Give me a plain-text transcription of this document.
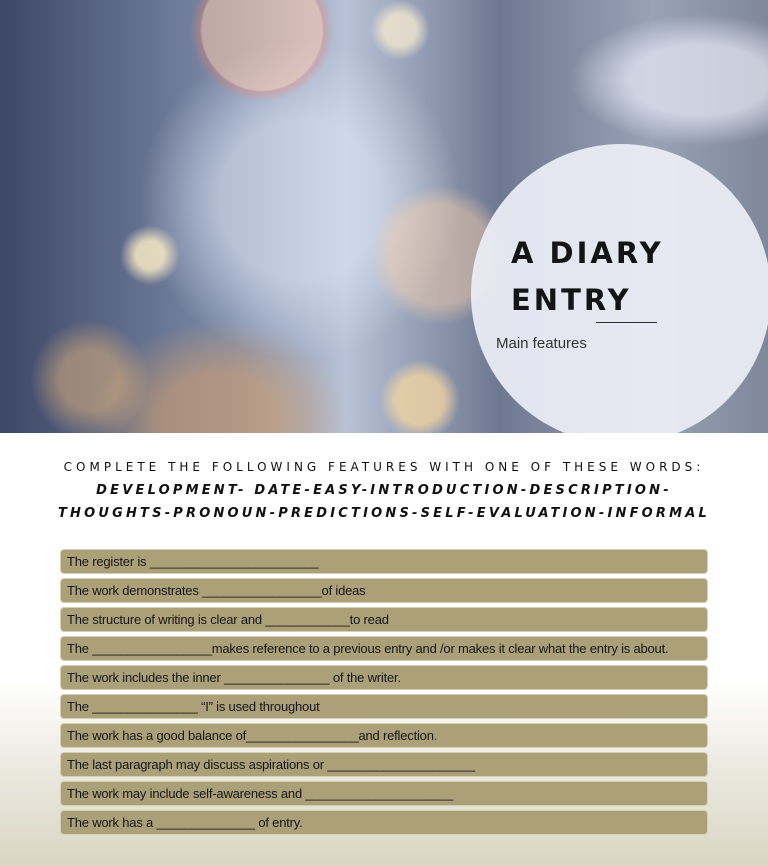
A DIARY
ENTRY
Main features
COMPLETE THE FOLLOWING FEATURES WITH ONE OF THESE WORDS:
DEVELOPMENT- DATE-EASY-INTRODUCTION-DESCRIPTION-THOUGHTS-PRONOUN-PREDICTIONS-SELF-EVALUATION-INFORMAL
The register is ________________________
The work demonstrates _________________of ideas
The structure of writing is clear and ____________to read
The _________________makes reference to a previous entry and /or makes it clear what the entry is about.
The work includes the inner _______________ of the writer.
The _______________ “I” is used throughout
The work has a good balance of________________and reflection.
The last paragraph may discuss aspirations or _____________________
The work may include self-awareness and _____________________
The work has a ______________ of entry.
